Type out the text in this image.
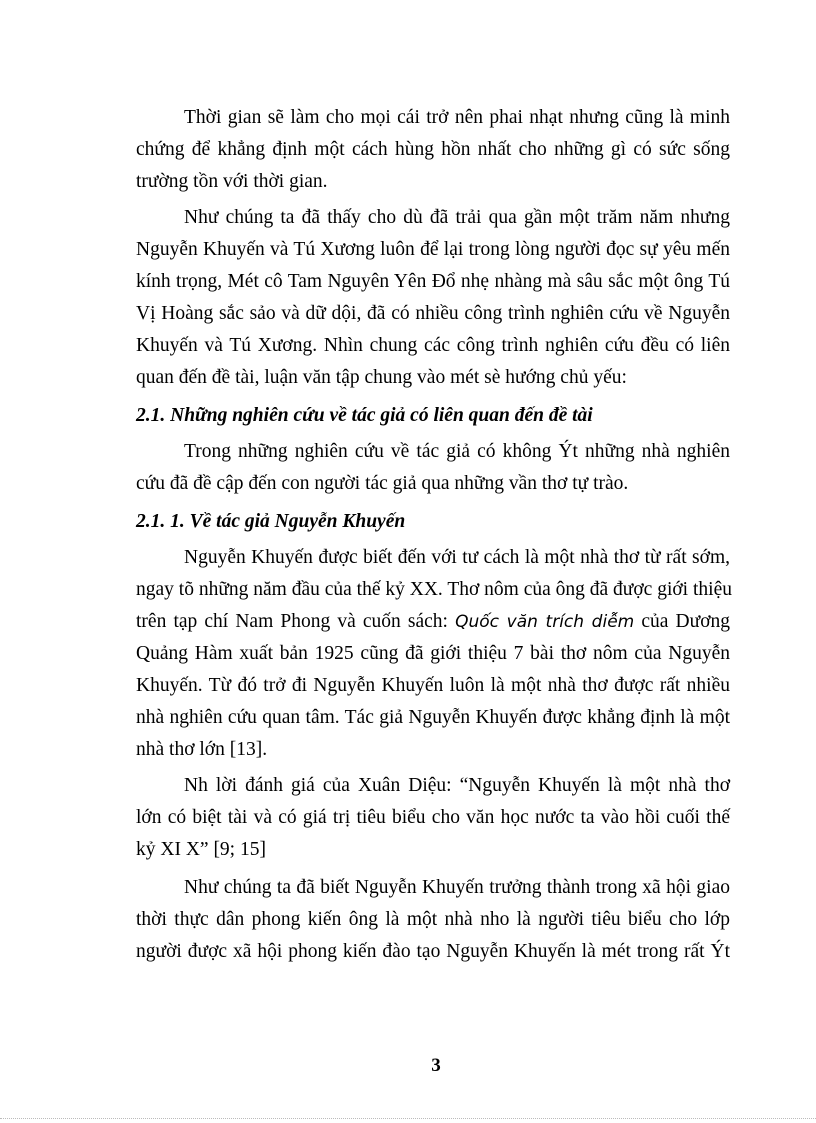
Thời gian sẽ làm cho mọi cái trở nên phai nhạt nhưng cũng là minh
chứng để khẳng định một cách hùng hồn nhất cho những gì có sức sống
trường tồn với thời gian.
Như chúng ta đã thấy cho dù đã trải qua gần một trăm năm nhưng
Nguyễn Khuyến và Tú Xương luôn để lại trong lòng người đọc sự yêu mến
kính trọng, Mét cô Tam Nguyên Yên Đổ nhẹ nhàng mà sâu sắc một ông Tú
Vị Hoàng sắc sảo và dữ dội, đã có nhiều công trình nghiên cứu về Nguyễn
Khuyến và Tú Xương. Nhìn chung các công trình nghiên cứu đều có liên
quan đến đề tài, luận văn tập chung vào mét sè hướng chủ yếu:
2.1. Những nghiên cứu về tác giả có liên quan đến đề tài
Trong những nghiên cứu về tác giả có không Ýt những nhà nghiên
cứu đã đề cập đến con người tác giả qua những vần thơ tự trào.
2.1. 1. Về tác giả Nguyễn Khuyến
Nguyễn Khuyến được biết đến với tư cách là một nhà thơ từ rất sớm,
ngay tõ những năm đầu của thế kỷ XX. Thơ nôm của ông đã được giới thiệu
trên tạp chí Nam Phong và cuốn sách: Quốc văn trích diễm của Dương
Quảng Hàm xuất bản 1925 cũng đã giới thiệu 7 bài thơ nôm của Nguyễn
Khuyến. Từ đó trở đi Nguyễn Khuyến luôn là một nhà thơ được rất nhiều
nhà nghiên cứu quan tâm. Tác giả Nguyễn Khuyến được khẳng định là một
nhà thơ lớn [13].
Nh lời đánh giá của Xuân Diệu: “Nguyễn Khuyến là một nhà thơ
lớn có biệt tài và có giá trị tiêu biểu cho văn học nước ta vào hồi cuối thế
kỷ XI X” [9; 15]
Như chúng ta đã biết Nguyễn Khuyến trưởng thành trong xã hội giao
thời thực dân phong kiến ông là một nhà nho là người tiêu biểu cho lớp
người được xã hội phong kiến đào tạo Nguyễn Khuyến là mét trong rất Ýt
3
